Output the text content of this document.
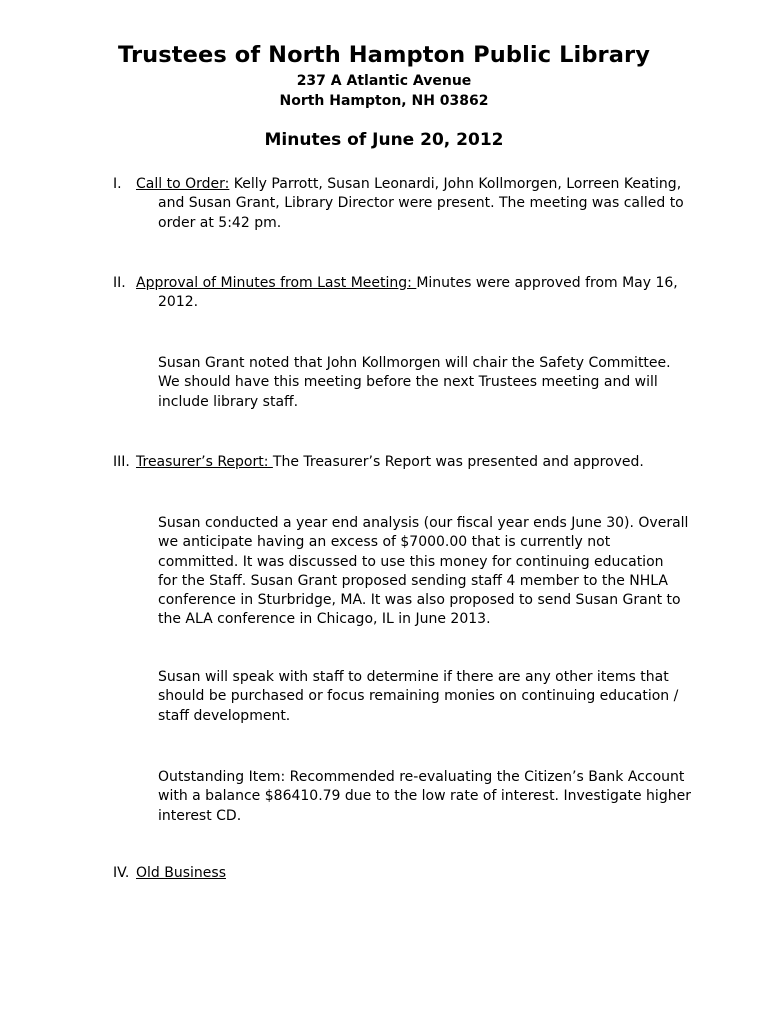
Trustees of North Hampton Public Library
237 A Atlantic Avenue
North Hampton, NH 03862
Minutes of June 20, 2012
I. Call to Order: Kelly Parrott, Susan Leonardi, John Kollmorgen, Lorreen Keating,
and Susan Grant, Library Director were present. The meeting was called to
order at 5:42 pm.
II. Approval of Minutes from Last Meeting: Minutes were approved from May 16,
2012.
Susan Grant noted that John Kollmorgen will chair the Safety Committee.
We should have this meeting before the next Trustees meeting and will
include library staff.
III. Treasurer’s Report: The Treasurer’s Report was presented and approved.
Susan conducted a year end analysis (our fiscal year ends June 30). Overall
we anticipate having an excess of $7000.00 that is currently not
committed. It was discussed to use this money for continuing education
for the Staff. Susan Grant proposed sending staff 4 member to the NHLA
conference in Sturbridge, MA. It was also proposed to send Susan Grant to
the ALA conference in Chicago, IL in June 2013.
Susan will speak with staff to determine if there are any other items that
should be purchased or focus remaining monies on continuing education /
staff development.
Outstanding Item: Recommended re-evaluating the Citizen’s Bank Account
with a balance $86410.79 due to the low rate of interest. Investigate higher
interest CD.
IV. Old Business
